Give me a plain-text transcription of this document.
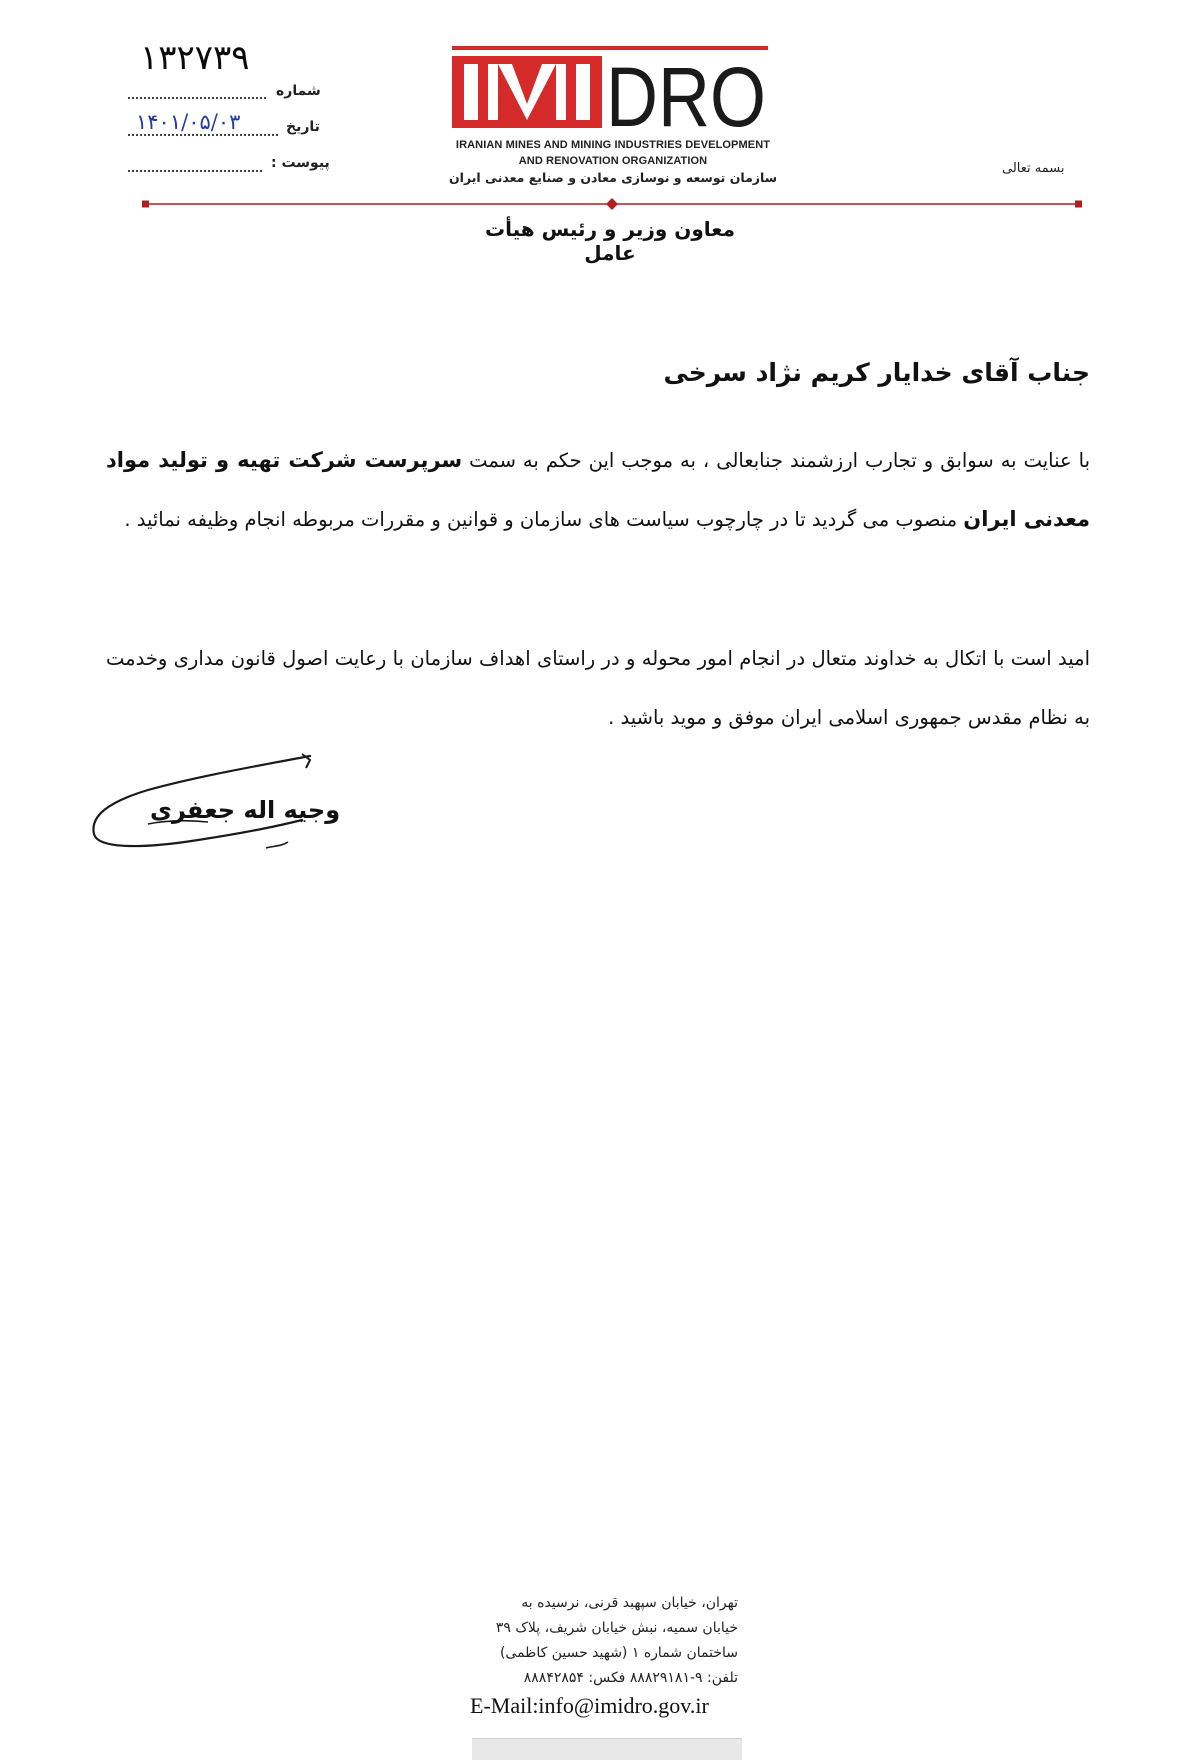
۱۳۲۷۳۹
شماره
۱۴۰۱/۰۵/۰۳	تاریخ
پیوست :
DRO
IRANIAN MINES AND MINING INDUSTRIES DEVELOPMENT
AND RENOVATION ORGANIZATION
سازمان توسعه و نوسازی معادن و صنایع معدنی ایران
بسمه تعالی
معاون وزیر و رئیس هیأت عامل
جناب آقای خدایار کریم نژاد سرخی
با عنایت به سوابق و تجارب ارزشمند جنابعالی ، به موجب این حکم به سمت سرپرست شرکت تهیه و تولید مواد معدنی ایران منصوب می گردید تا در چارچوب سیاست های سازمان و قوانین و مقررات مربوطه انجام وظیفه نمائید .
امید است با اتکال به خداوند متعال در انجام امور محوله و در راستای اهداف سازمان با رعایت اصول قانون مداری وخدمت به نظام مقدس جمهوری اسلامی ایران موفق و موید باشید .
وجیه اله جعفری
تهران، خیابان سپهبد قرنی، نرسیده به
خیابان سمیه، نبش خیابان شریف، پلاک ۳۹
ساختمان شماره ۱ (شهید حسین کاظمی)
تلفن: ۹-۸۸۸۲۹۱۸۱ فکس: ۸۸۸۴۲۸۵۴
E-Mail:info@imidro.gov.ir
